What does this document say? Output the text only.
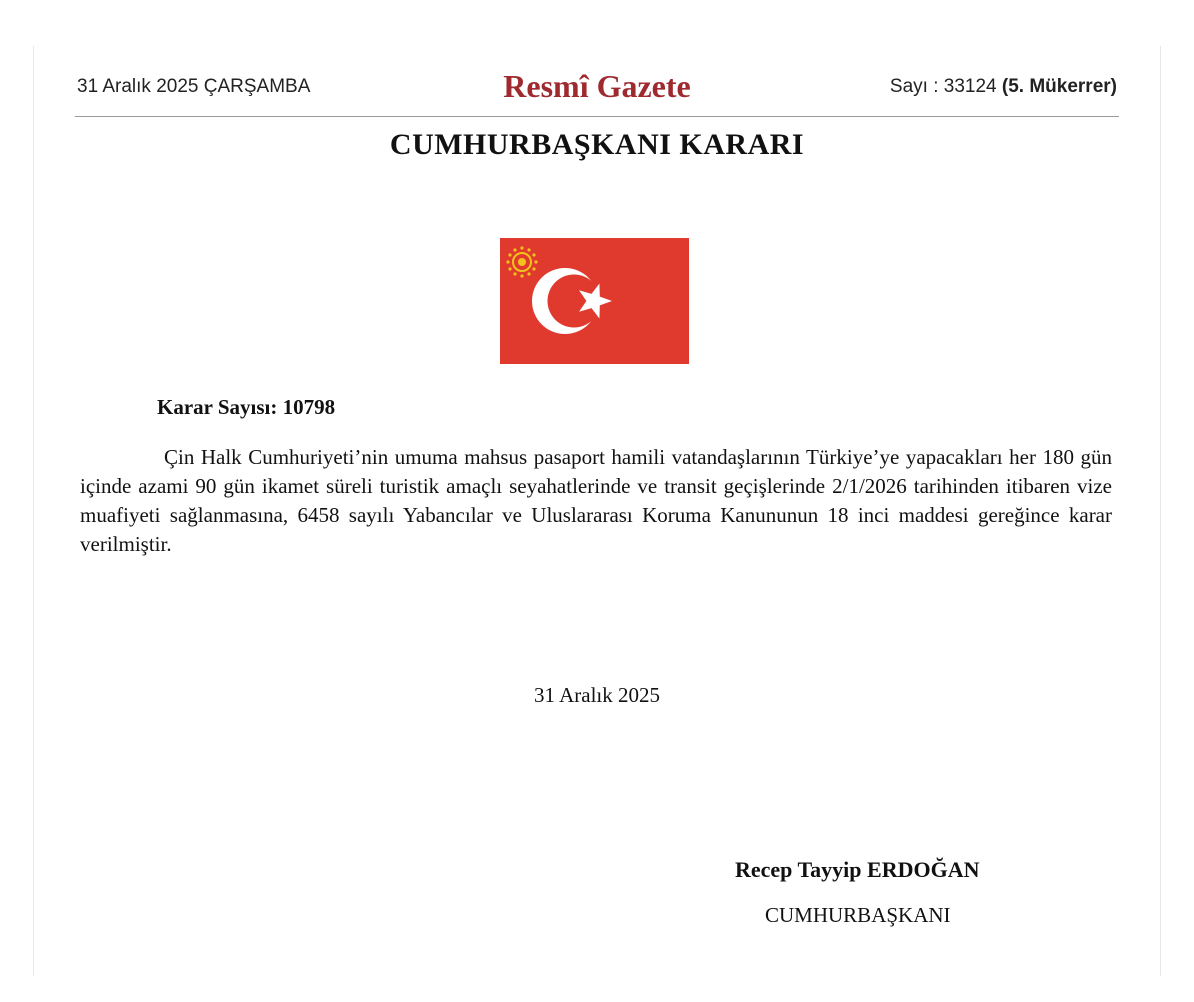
31 Aralık 2025 ÇARŞAMBA	Resmî Gazete	Sayı : 33124 (5. Mükerrer)
CUMHURBAŞKANI KARARI
Karar Sayısı: 10798

Çin Halk Cumhuriyeti’nin umuma mahsus pasaport hamili vatandaşlarının Türkiye’ye yapacakları her 180 gün içinde azami 90 gün ikamet süreli turistik amaçlı seyahatlerinde ve transit geçişlerinde 2/1/2026 tarihinden itibaren vize muafiyeti sağlanmasına, 6458 sayılı Yabancılar ve Uluslararası Koruma Kanununun 18 inci maddesi gereğince karar verilmiştir.

31 Aralık 2025
Recep Tayyip ERDOĞAN
CUMHURBAŞKANI
